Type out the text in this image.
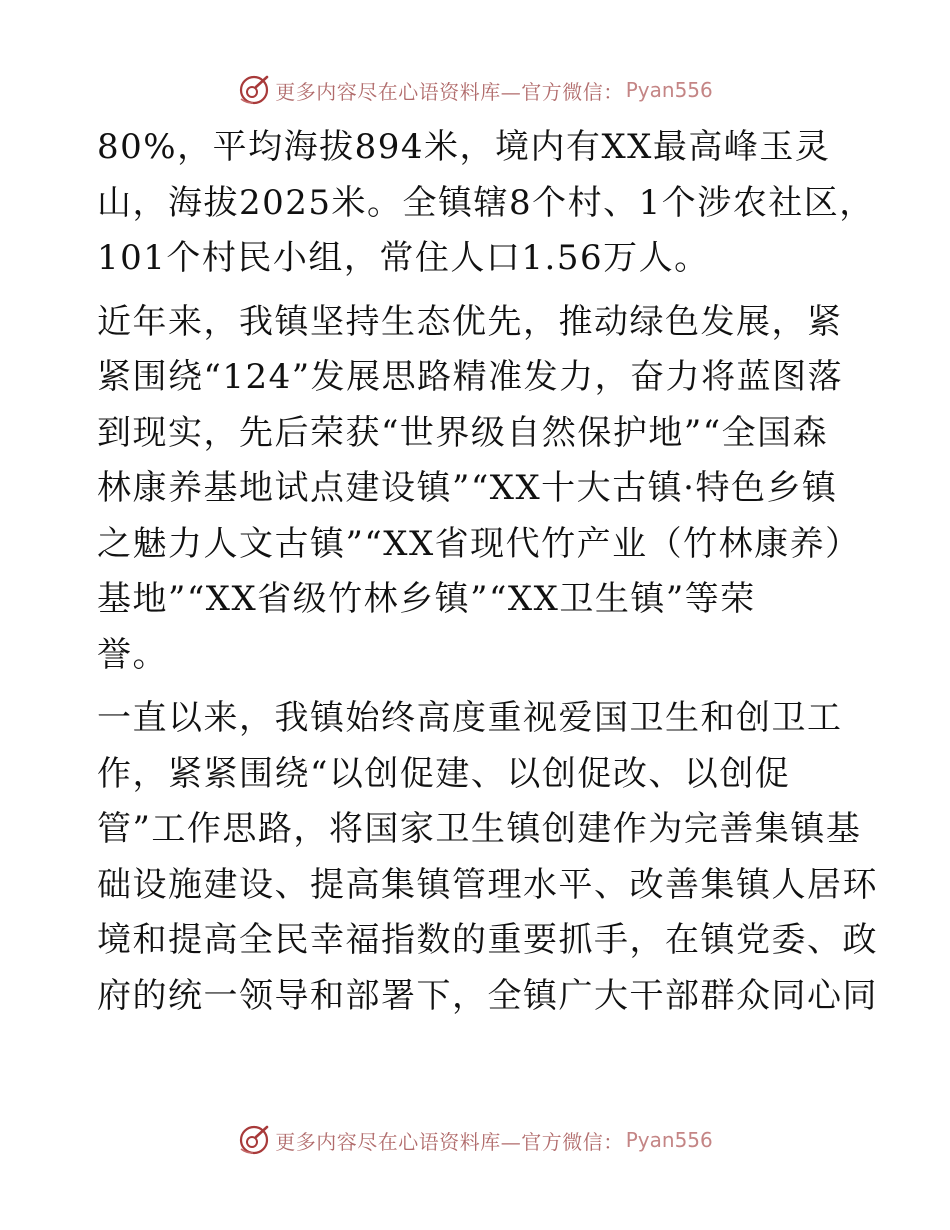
更多内容尽在心语资料库—官方微信： Pyan556
80%，平均海拔894米，境内有XX最高峰玉灵
山，海拔2025米。全镇辖8个村、1个涉农社区，
101个村民小组，常住人口1.56万人。
近年来，我镇坚持生态优先，推动绿色发展，紧
紧围绕“124”发展思路精准发力，奋力将蓝图落
到现实，先后荣获“世界级自然保护地”“全国森
林康养基地试点建设镇”“XX十大古镇·特色乡镇
之魅力人文古镇”“XX省现代竹产业（竹林康养）
基地”“XX省级竹林乡镇”“XX卫生镇”等荣
誉。
一直以来，我镇始终高度重视爱国卫生和创卫工
作，紧紧围绕“以创促建、以创促改、以创促
管”工作思路，将国家卫生镇创建作为完善集镇基
础设施建设、提高集镇管理水平、改善集镇人居环
境和提高全民幸福指数的重要抓手，在镇党委、政
府的统一领导和部署下，全镇广大干部群众同心同
更多内容尽在心语资料库—官方微信： Pyan556
